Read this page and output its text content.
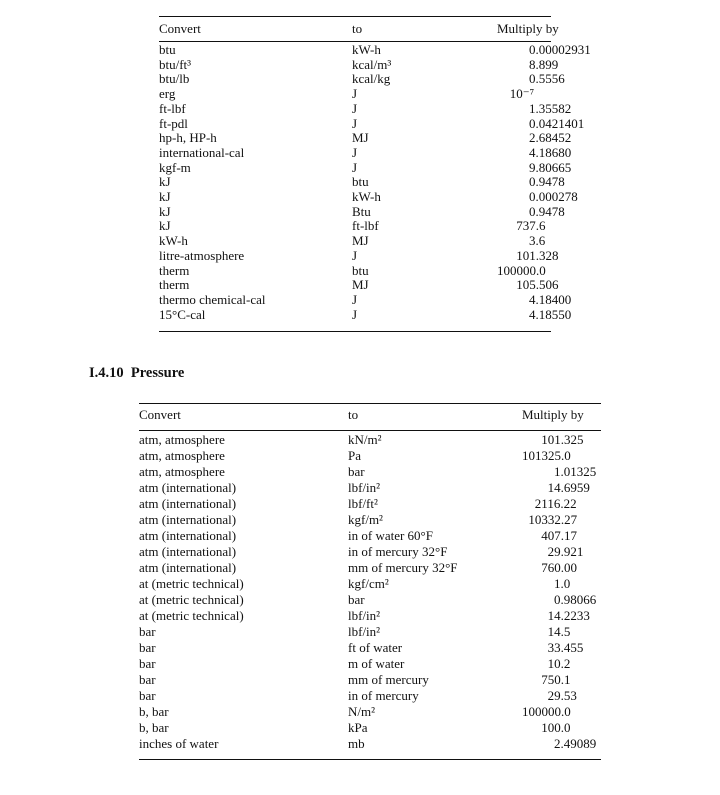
Convert	to	Multiply by
btu	kW-h	0.00002931
btu/ft³	kcal/m³	8.899
btu/lb	kcal/kg	0.5556
erg	J	10⁻⁷
ft-lbf	J	1.35582
ft-pdl	J	0.0421401
hp-h, HP-h	MJ	2.68452
international-cal	J	4.18680
kgf-m	J	9.80665
kJ	btu	0.9478
kJ	kW-h	0.000278
kJ	Btu	0.9478
kJ	ft-lbf	737.6
kW-h	MJ	3.6
litre-atmosphere	J	101.328
therm	btu	100000.0
therm	MJ	105.506
thermo chemical-cal	J	4.18400
15°C-cal	J	4.18550
I.4.10 Pressure
Convert	to	Multiply by
atm, atmosphere	kN/m²	101.325
atm, atmosphere	Pa	101325.0
atm, atmosphere	bar	1.01325
atm (international)	lbf/in²	14.6959
atm (international)	lbf/ft²	2116.22
atm (international)	kgf/m²	10332.27
atm (international)	in of water 60°F	407.17
atm (international)	in of mercury 32°F	29.921
atm (international)	mm of mercury 32°F	760.00
at (metric technical)	kgf/cm²	1.0
at (metric technical)	bar	0.98066
at (metric technical)	lbf/in²	14.2233
bar	lbf/in²	14.5
bar	ft of water	33.455
bar	m of water	10.2
bar	mm of mercury	750.1
bar	in of mercury	29.53
b, bar	N/m²	100000.0
b, bar	kPa	100.0
inches of water	mb	2.49089
